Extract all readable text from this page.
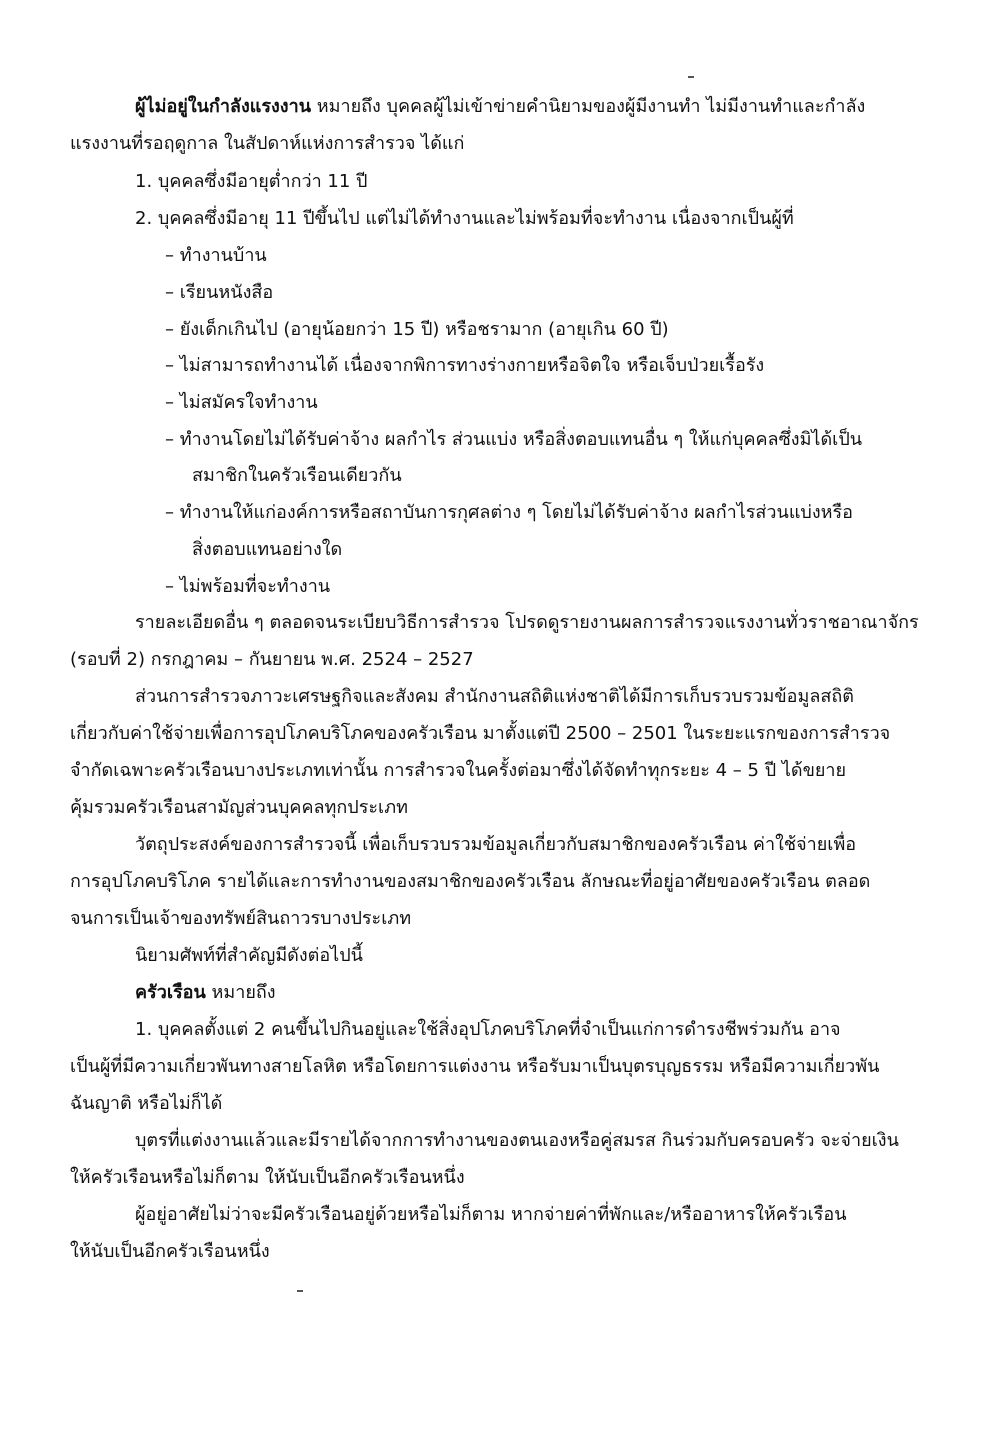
ผู้ไม่อยู่ในกำลังแรงงาน หมายถึง บุคคลผู้ไม่เข้าข่ายคำนิยามของผู้มีงานทำ ไม่มีงานทำและกำลัง

แรงงานที่รอฤดูกาล ในสัปดาห์แห่งการสำรวจ ได้แก่

1. บุคคลซึ่งมีอายุต่ำกว่า 11 ปี

2. บุคคลซึ่งมีอายุ 11 ปีขึ้นไป แต่ไม่ได้ทำงานและไม่พร้อมที่จะทำงาน เนื่องจากเป็นผู้ที่

– ทำงานบ้าน

– เรียนหนังสือ

– ยังเด็กเกินไป (อายุน้อยกว่า 15 ปี) หรือชรามาก (อายุเกิน 60 ปี)

– ไม่สามารถทำงานได้ เนื่องจากพิการทางร่างกายหรือจิตใจ หรือเจ็บป่วยเรื้อรัง

– ไม่สมัครใจทำงาน

– ทำงานโดยไม่ได้รับค่าจ้าง ผลกำไร ส่วนแบ่ง หรือสิ่งตอบแทนอื่น ๆ ให้แก่บุคคลซึ่งมิได้เป็น

สมาชิกในครัวเรือนเดียวกัน

– ทำงานให้แก่องค์การหรือสถาบันการกุศลต่าง ๆ โดยไม่ได้รับค่าจ้าง ผลกำไรส่วนแบ่งหรือ

สิ่งตอบแทนอย่างใด

– ไม่พร้อมที่จะทำงาน

รายละเอียดอื่น ๆ ตลอดจนระเบียบวิธีการสำรวจ โปรดดูรายงานผลการสำรวจแรงงานทั่วราชอาณาจักร

(รอบที่ 2) กรกฎาคม – กันยายน พ.ศ. 2524 – 2527

ส่วนการสำรวจภาวะเศรษฐกิจและสังคม สำนักงานสถิติแห่งชาติได้มีการเก็บรวบรวมข้อมูลสถิติ

เกี่ยวกับค่าใช้จ่ายเพื่อการอุปโภคบริโภคของครัวเรือน มาตั้งแต่ปี 2500 – 2501 ในระยะแรกของการสำรวจ

จำกัดเฉพาะครัวเรือนบางประเภทเท่านั้น การสำรวจในครั้งต่อมาซึ่งได้จัดทำทุกระยะ 4 – 5 ปี ได้ขยาย

คุ้มรวมครัวเรือนสามัญส่วนบุคคลทุกประเภท

วัตถุประสงค์ของการสำรวจนี้ เพื่อเก็บรวบรวมข้อมูลเกี่ยวกับสมาชิกของครัวเรือน ค่าใช้จ่ายเพื่อ

การอุปโภคบริโภค รายได้และการทำงานของสมาชิกของครัวเรือน ลักษณะที่อยู่อาศัยของครัวเรือน ตลอด

จนการเป็นเจ้าของทรัพย์สินถาวรบางประเภท

นิยามศัพท์ที่สำคัญมีดังต่อไปนี้

ครัวเรือน หมายถึง

1. บุคคลตั้งแต่ 2 คนขึ้นไปกินอยู่และใช้สิ่งอุปโภคบริโภคที่จำเป็นแก่การดำรงชีพร่วมกัน อาจ

เป็นผู้ที่มีความเกี่ยวพันทางสายโลหิต หรือโดยการแต่งงาน หรือรับมาเป็นบุตรบุญธรรม หรือมีความเกี่ยวพัน

ฉันญาติ หรือไม่ก็ได้

บุตรที่แต่งงานแล้วและมีรายได้จากการทำงานของตนเองหรือคู่สมรส กินร่วมกับครอบครัว จะจ่ายเงิน

ให้ครัวเรือนหรือไม่ก็ตาม ให้นับเป็นอีกครัวเรือนหนึ่ง

ผู้อยู่อาศัยไม่ว่าจะมีครัวเรือนอยู่ด้วยหรือไม่ก็ตาม หากจ่ายค่าที่พักและ/หรืออาหารให้ครัวเรือน

ให้นับเป็นอีกครัวเรือนหนึ่ง
